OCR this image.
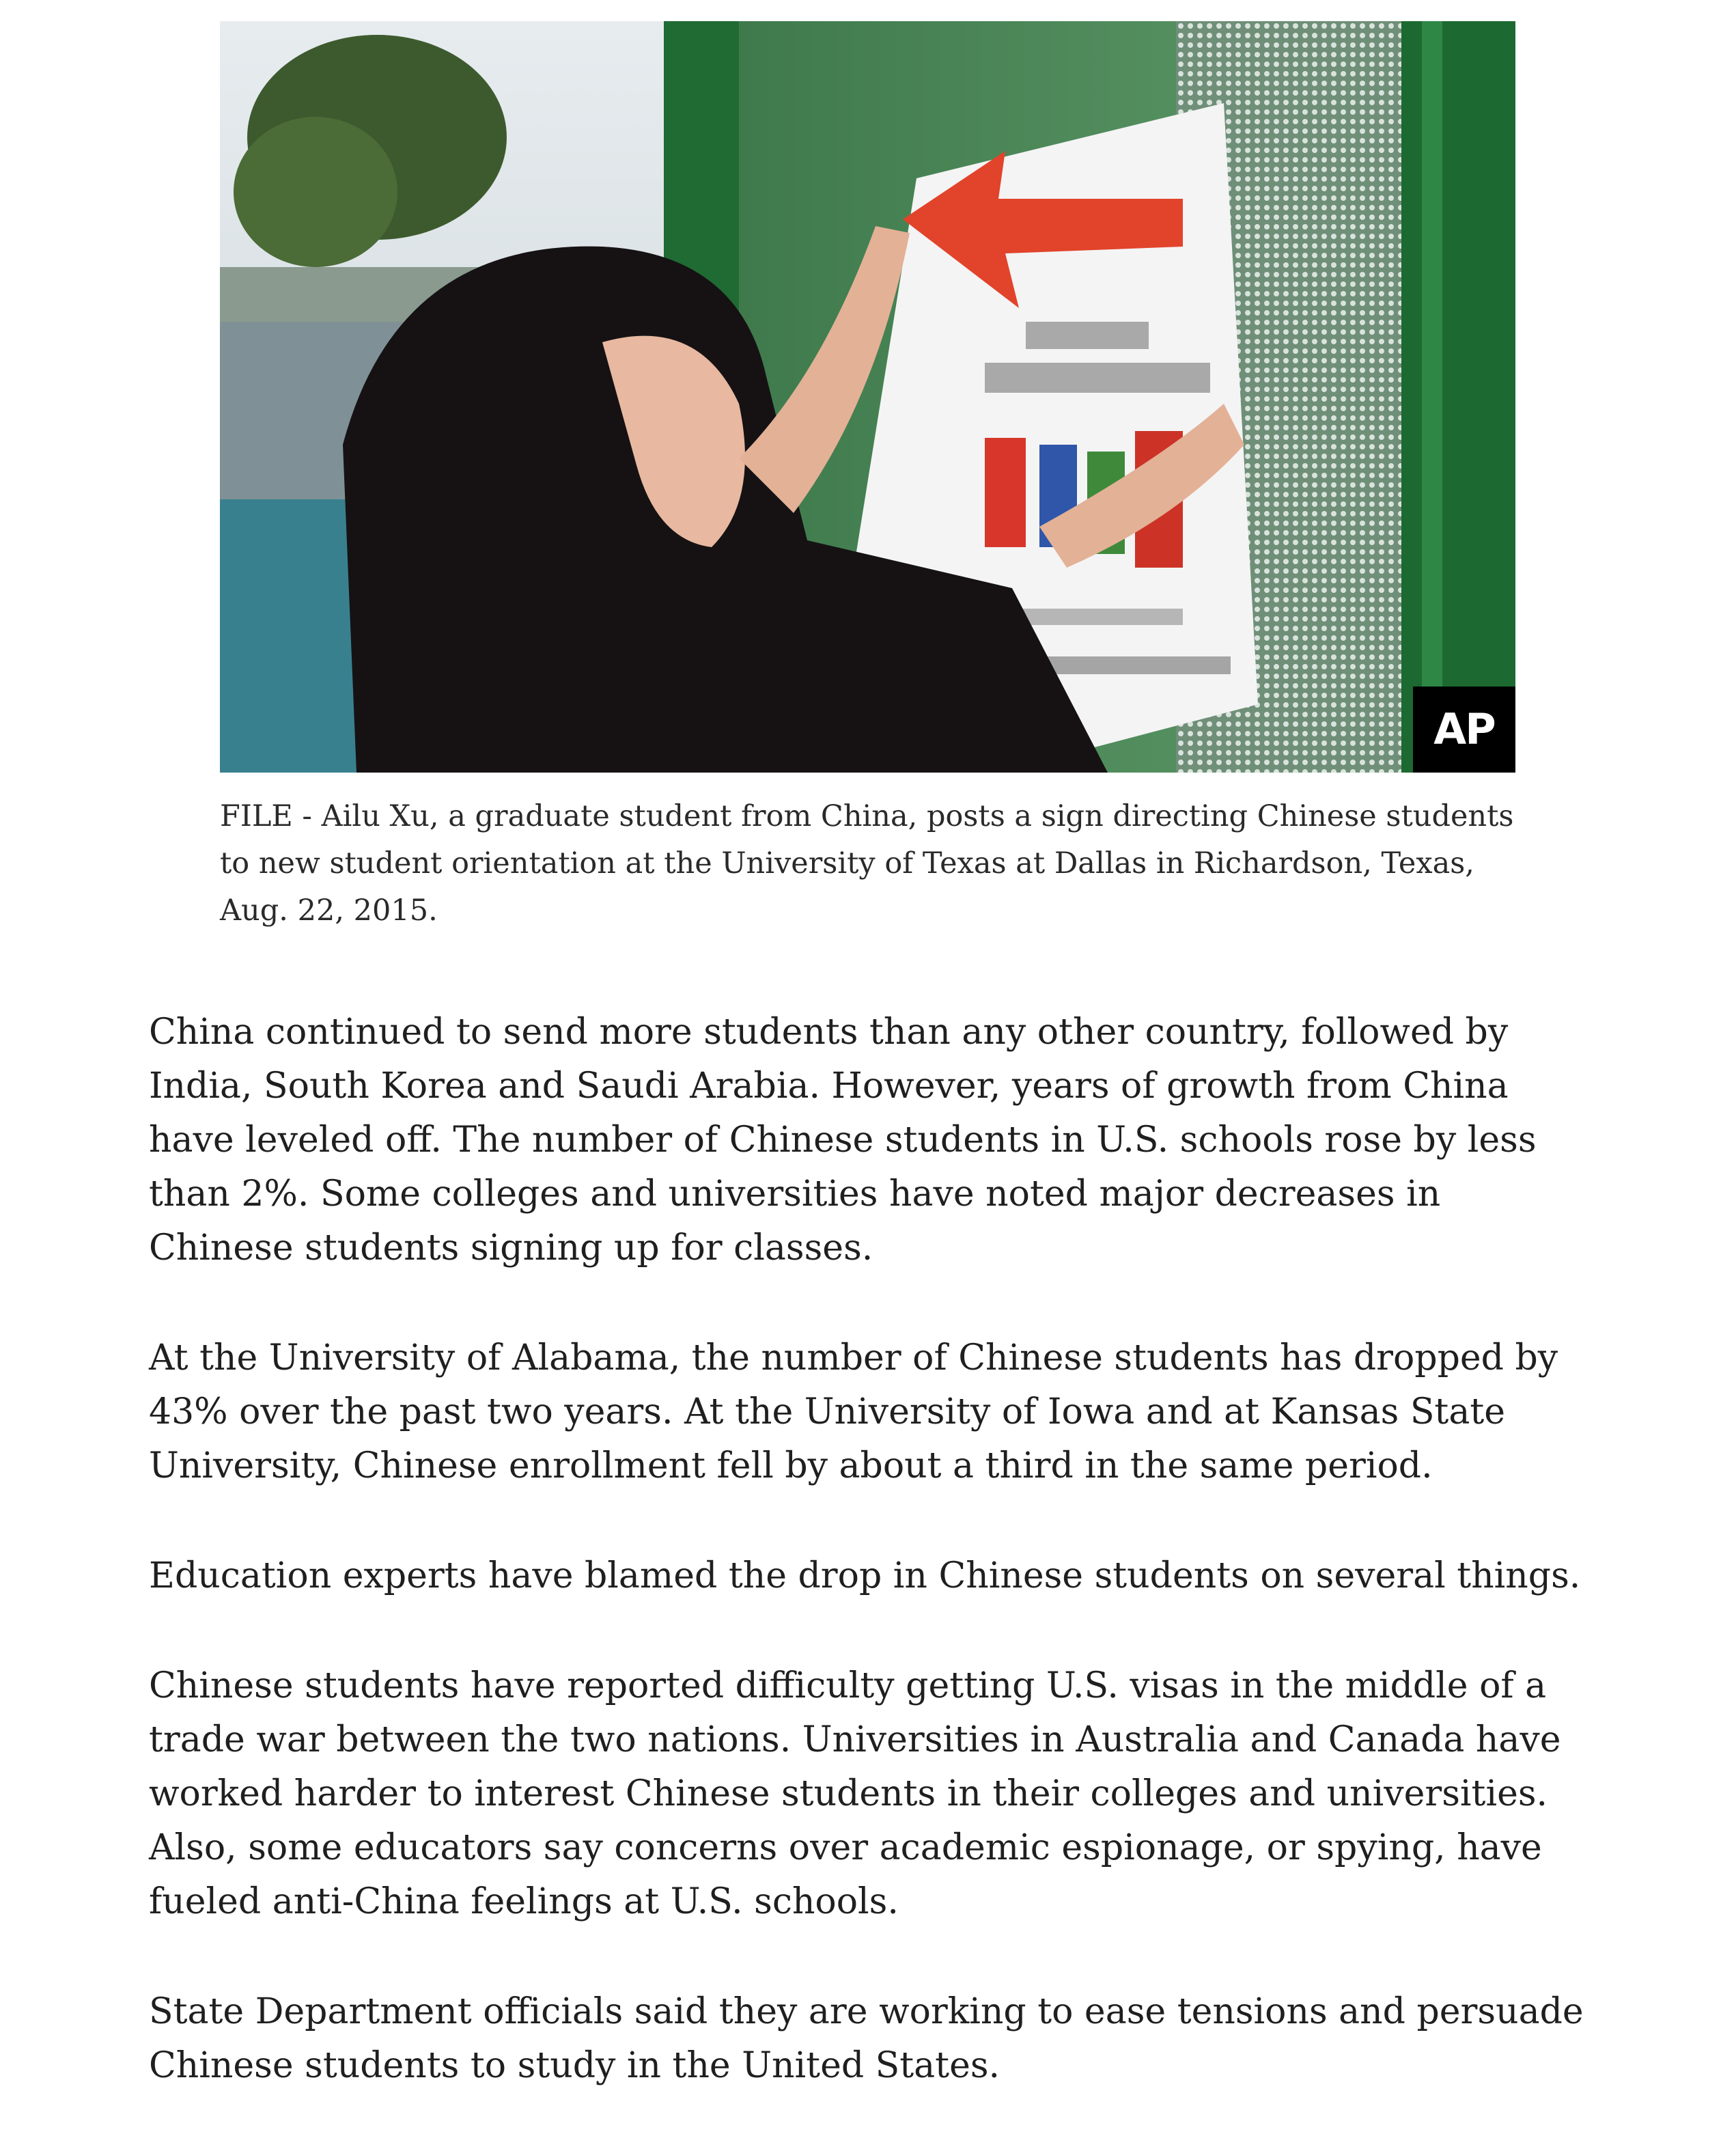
AP
FILE - Ailu Xu, a graduate student from China, posts a sign directing Chinese students to new student orientation at the University of Texas at Dallas in Richardson, Texas, Aug. 22, 2015.

China continued to send more students than any other country, followed by India, South Korea and Saudi Arabia. However, years of growth from China have leveled off. The number of Chinese students in U.S. schools rose by less than 2%. Some colleges and universities have noted major decreases in Chinese students signing up for classes.

At the University of Alabama, the number of Chinese students has dropped by 43% over the past two years. At the University of Iowa and at Kansas State University, Chinese enrollment fell by about a third in the same period.

Education experts have blamed the drop in Chinese students on several things.

Chinese students have reported difficulty getting U.S. visas in the middle of a trade war between the two nations. Universities in Australia and Canada have worked harder to interest Chinese students in their colleges and universities. Also, some educators say concerns over academic espionage, or spying, have fueled anti-China feelings at U.S. schools.

State Department officials said they are working to ease tensions and persuade Chinese students to study in the United States.
